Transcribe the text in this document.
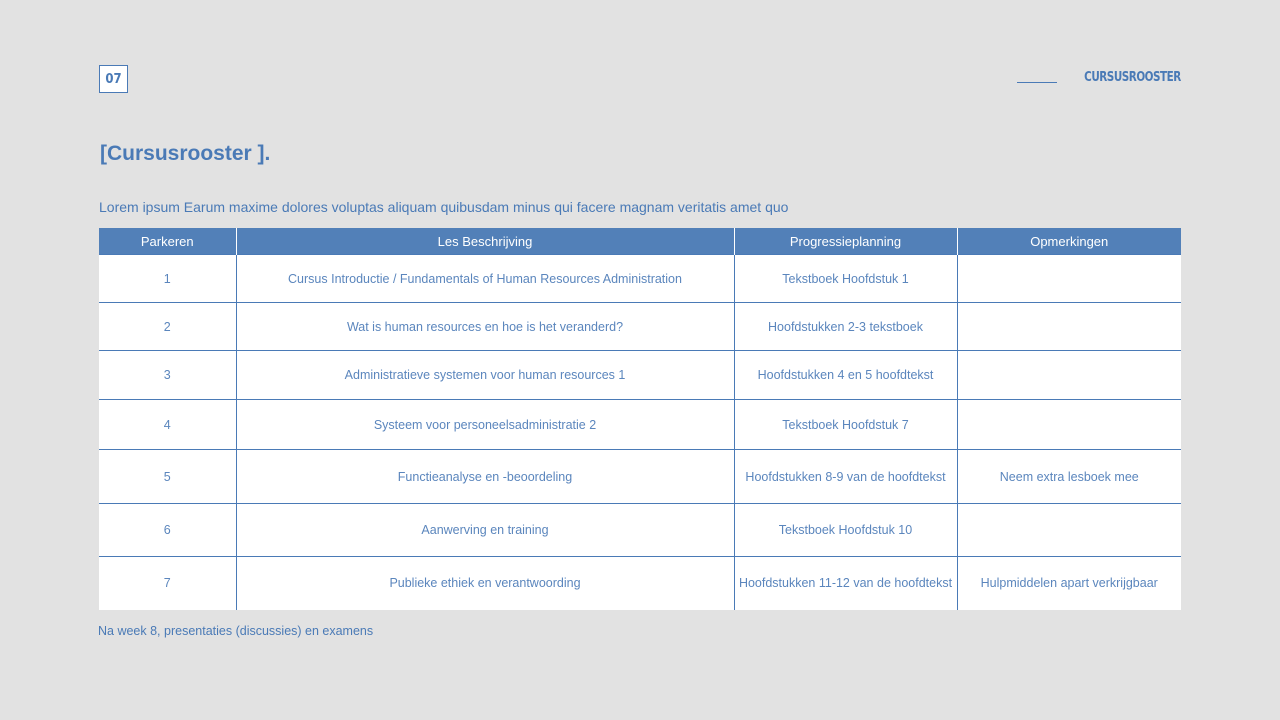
07	CURSUSROOSTER
[Cursusrooster ].
Lorem ipsum Earum maxime dolores voluptas aliquam quibusdam minus qui facere magnam veritatis amet quo
Parkeren	Les Beschrijving	Progressieplanning	Opmerkingen
1	Cursus Introductie / Fundamentals of Human Resources Administration	Tekstboek Hoofdstuk 1	
2	Wat is human resources en hoe is het veranderd?	Hoofdstukken 2-3 tekstboek	
3	Administratieve systemen voor human resources 1	Hoofdstukken 4 en 5 hoofdtekst	
4	Systeem voor personeelsadministratie 2	Tekstboek Hoofdstuk 7	
5	Functieanalyse en -beoordeling	Hoofdstukken 8-9 van de hoofdtekst	Neem extra lesboek mee
6	Aanwerving en training	Tekstboek Hoofdstuk 10	
7	Publieke ethiek en verantwoording	Hoofdstukken 11-12 van de hoofdtekst	Hulpmiddelen apart verkrijgbaar
Na week 8, presentaties (discussies) en examens
